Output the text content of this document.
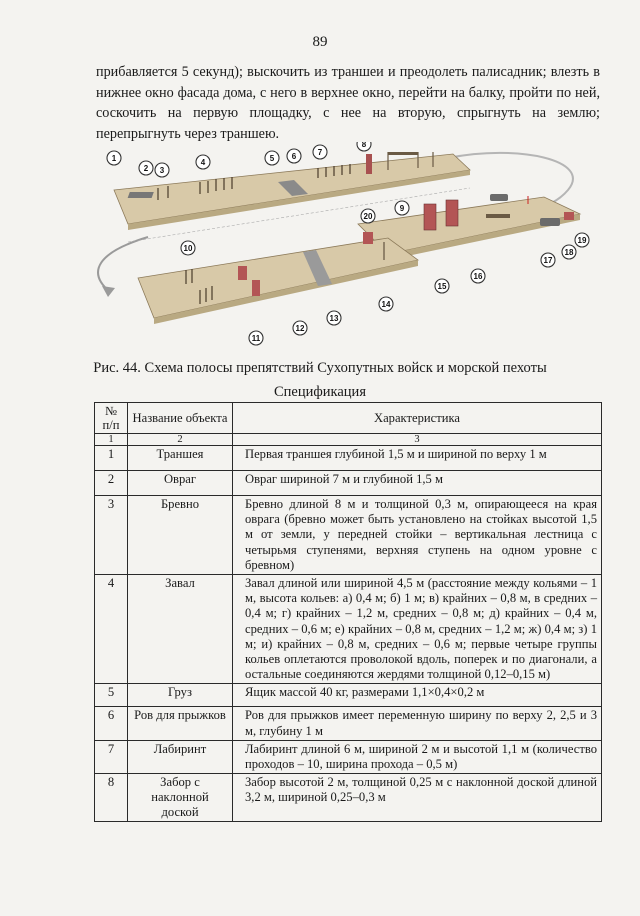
89

прибавляется 5 секунд); выскочить из траншеи и преодолеть палисадник; влезть в нижнее окно фасада дома, с него в верхнее окно, перейти на балку, пройти по ней, соскочить на первую площадку, с нее на вторую, спрыгнуть на землю; перепрыгнуть через траншею.

1
2 3
4	5 6	7
8
9
10
11
12
13
14
15
16
17
18
19
20
Рис. 44. Схема полосы препятствий Сухопутных войск и морской пехоты
Спецификация
№ п/п	Название объекта	Характеристика
1	2	3
1	Траншея	Первая траншея глубиной 1,5 м и шириной по верху 1 м
2	Овраг	Овраг шириной 7 м и глубиной 1,5 м
3	Бревно	Бревно длиной 8 м и толщиной 0,3 м, опирающееся на края оврага (бревно может быть установлено на стойках высотой 1,5 м от земли, у передней стойки – вертикальная лестница с четырьмя ступенями, верхняя ступень на одном уровне с бревном)
4	Завал	Завал длиной или шириной 4,5 м (расстояние между кольями – 1 м, высота кольев: а) 0,4 м; б) 1 м; в) крайних – 0,8 м, в средних – 0,4 м; г) крайних – 1,2 м, средних – 0,8 м; д) крайних – 0,4 м, средних – 0,6 м; е) крайних – 0,8 м, средних – 1,2 м; ж) 0,4 м; з) 1 м; и) крайних – 0,8 м, средних – 0,6 м; первые четыре группы кольев оплетаются проволокой вдоль, поперек и по диагонали, а остальные соединяются жердями толщиной 0,12–0,15 м)
5	Груз	Ящик массой 40 кг, размерами 1,1×0,4×0,2 м
6	Ров для прыжков	Ров для прыжков имеет переменную ширину по верху 2, 2,5 и 3 м, глубину 1 м
7	Лабиринт	Лабиринт длиной 6 м, шириной 2 м и высотой 1,1 м (количество проходов – 10, ширина прохода – 0,5 м)
8	Забор с наклонной доской	Забор высотой 2 м, толщиной 0,25 м с наклонной доской длиной 3,2 м, шириной 0,25–0,3 м
